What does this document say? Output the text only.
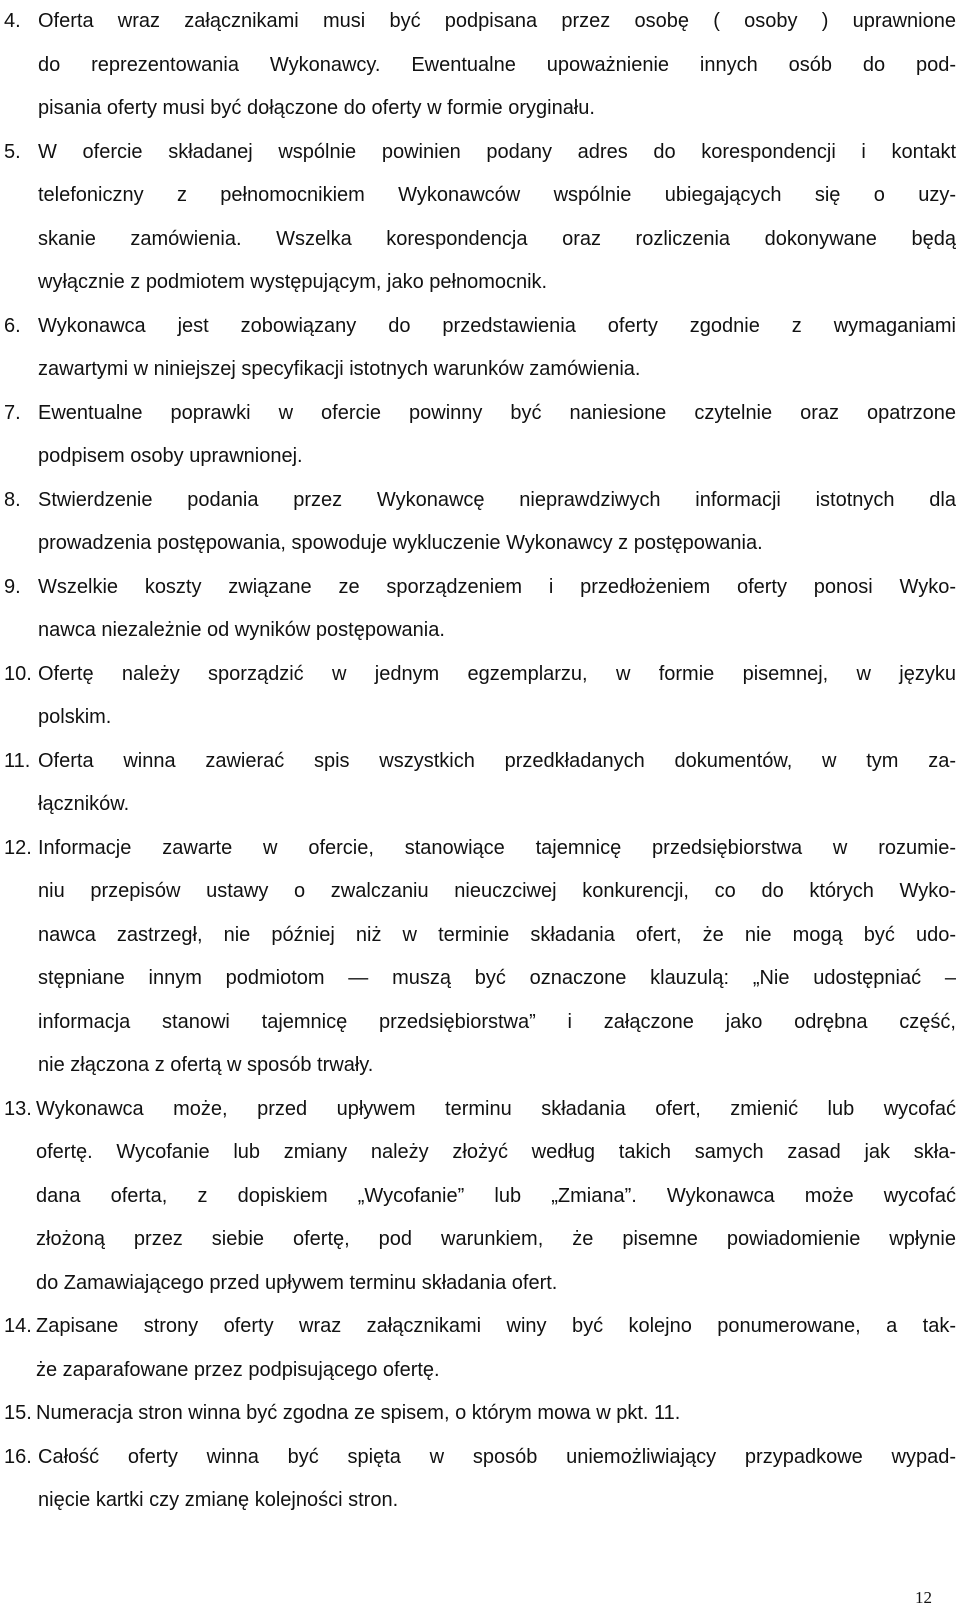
4. Oferta wraz załącznikami musi być podpisana przez osobę ( osoby ) uprawnione
do reprezentowania Wykonawcy. Ewentualne upoważnienie innych osób do pod-
pisania oferty musi być dołączone do oferty w formie oryginału.
5. W ofercie składanej wspólnie powinien podany adres do korespondencji i kontakt
telefoniczny z pełnomocnikiem Wykonawców wspólnie ubiegających się o uzy-
skanie zamówienia. Wszelka korespondencja oraz rozliczenia dokonywane będą
wyłącznie z podmiotem występującym, jako pełnomocnik.
6. Wykonawca jest zobowiązany do przedstawienia oferty zgodnie z wymaganiami
zawartymi w niniejszej specyfikacji istotnych warunków zamówienia.
7. Ewentualne poprawki w ofercie powinny być naniesione czytelnie oraz opatrzone
podpisem osoby uprawnionej.
8. Stwierdzenie podania przez Wykonawcę nieprawdziwych informacji istotnych dla
prowadzenia postępowania, spowoduje wykluczenie Wykonawcy z postępowania.
9. Wszelkie koszty związane ze sporządzeniem i przedłożeniem oferty ponosi Wyko-
nawca niezależnie od wyników postępowania.
10. Ofertę należy sporządzić w jednym egzemplarzu, w formie pisemnej, w języku
polskim.
11. Oferta winna zawierać spis wszystkich przedkładanych dokumentów, w tym za-
łączników.
12. Informacje zawarte w ofercie, stanowiące tajemnicę przedsiębiorstwa w rozumie-
niu przepisów ustawy o zwalczaniu nieuczciwej konkurencji, co do których Wyko-
nawca zastrzegł, nie później niż w terminie składania ofert, że nie mogą być udo-
stępniane innym podmiotom — muszą być oznaczone klauzulą: „Nie udostępniać –
informacja stanowi tajemnicę przedsiębiorstwa” i załączone jako odrębna część,
nie złączona z ofertą w sposób trwały.
13. Wykonawca może, przed upływem terminu składania ofert, zmienić lub wycofać
ofertę. Wycofanie lub zmiany należy złożyć według takich samych zasad jak skła-
dana oferta, z dopiskiem „Wycofanie” lub „Zmiana”. Wykonawca może wycofać
złożoną przez siebie ofertę, pod warunkiem, że pisemne powiadomienie wpłynie
do Zamawiającego przed upływem terminu składania ofert.
14. Zapisane strony oferty wraz załącznikami winy być kolejno ponumerowane, a tak-
że zaparafowane przez podpisującego ofertę.
15. Numeracja stron winna być zgodna ze spisem, o którym mowa w pkt. 11.
16. Całość oferty winna być spięta w sposób uniemożliwiający przypadkowe wypad-
nięcie kartki czy zmianę kolejności stron.
12
